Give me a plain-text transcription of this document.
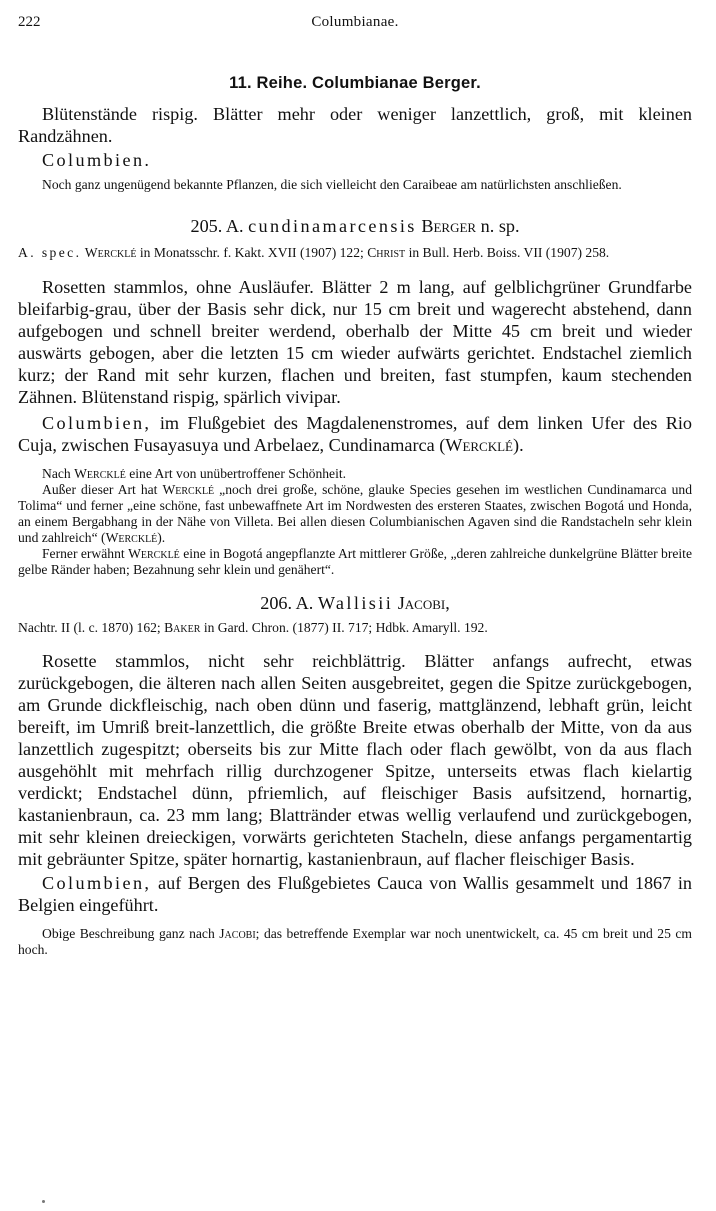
222	Columbianae.
11. Reihe. Columbianae Berger.

Blütenstände rispig. Blätter mehr oder weniger lanzettlich, groß, mit kleinen Randzähnen.

Columbien.

Noch ganz ungenügend bekannte Pflanzen, die sich vielleicht den Caraibeae am natürlichsten anschließen.

205. A. cundinamarcensis Berger n. sp.

A. spec. Wercklé in Monatsschr. f. Kakt. XVII (1907) 122; Christ in Bull. Herb. Boiss. VII (1907) 258.

Rosetten stammlos, ohne Ausläufer. Blätter 2 m lang, auf gelblichgrüner Grundfarbe bleifarbig-grau, über der Basis sehr dick, nur 15 cm breit und wagerecht abstehend, dann aufgebogen und schnell breiter werdend, oberhalb der Mitte 45 cm breit und wieder auswärts gebogen, aber die letzten 15 cm wieder aufwärts gerichtet. Endstachel ziemlich kurz; der Rand mit sehr kurzen, flachen und breiten, fast stumpfen, kaum stechenden Zähnen. Blütenstand rispig, spärlich vivipar.

Columbien, im Flußgebiet des Magdalenenstromes, auf dem linken Ufer des Rio Cuja, zwischen Fusayasuya und Arbelaez, Cundinamarca (Wercklé).

Nach Wercklé eine Art von unübertroffener Schönheit.

Außer dieser Art hat Wercklé „noch drei große, schöne, glauke Species gesehen im westlichen Cundinamarca und Tolima“ und ferner „eine schöne, fast unbewaffnete Art im Nordwesten des ersteren Staates, zwischen Bogotá und Honda, an einem Bergabhang in der Nähe von Villeta. Bei allen diesen Columbianischen Agaven sind die Randstacheln sehr klein und zahlreich“ (Wercklé).

Ferner erwähnt Wercklé eine in Bogotá angepflanzte Art mittlerer Größe, „deren zahlreiche dunkelgrüne Blätter breite gelbe Ränder haben; Bezahnung sehr klein und genähert“.

206. A. Wallisii Jacobi,

Nachtr. II (l. c. 1870) 162; Baker in Gard. Chron. (1877) II. 717; Hdbk. Amaryll. 192.

Rosette stammlos, nicht sehr reichblättrig. Blätter anfangs aufrecht, etwas zurückgebogen, die älteren nach allen Seiten ausgebreitet, gegen die Spitze zurückgebogen, am Grunde dickfleischig, nach oben dünn und faserig, mattglänzend, lebhaft grün, leicht bereift, im Umriß breit-lanzettlich, die größte Breite etwas oberhalb der Mitte, von da aus lanzettlich zugespitzt; oberseits bis zur Mitte flach oder flach gewölbt, von da aus flach ausgehöhlt mit mehrfach rillig durchzogener Spitze, unterseits etwas flach kielartig verdickt; Endstachel dünn, pfriemlich, auf fleischiger Basis aufsitzend, hornartig, kastanienbraun, ca. 23 mm lang; Blattränder etwas wellig verlaufend und zurückgebogen, mit sehr kleinen dreieckigen, vorwärts gerichteten Stacheln, diese anfangs pergamentartig mit gebräunter Spitze, später hornartig, kastanienbraun, auf flacher fleischiger Basis.

Columbien, auf Bergen des Flußgebietes Cauca von Wallis gesammelt und 1867 in Belgien eingeführt.

Obige Beschreibung ganz nach Jacobi; das betreffende Exemplar war noch unentwickelt, ca. 45 cm breit und 25 cm hoch.
